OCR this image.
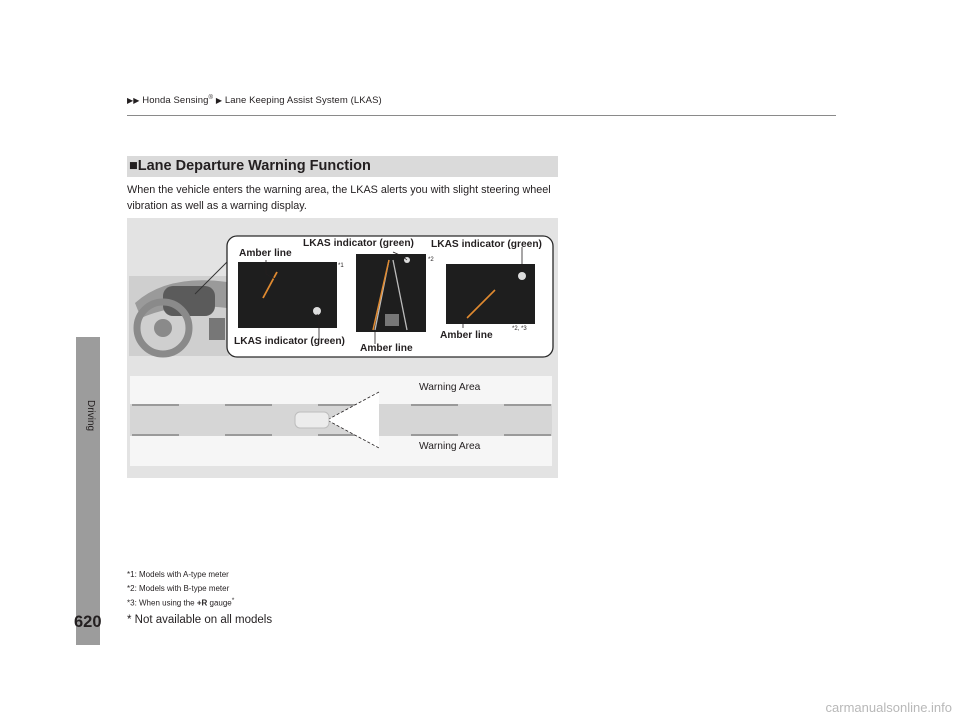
▶▶ Honda Sensing® ▶ Lane Keeping Assist System (LKAS)
Driving
620
■Lane Departure Warning Function
When the vehicle enters the warning area, the LKAS alerts you with slight steering wheel vibration as well as a warning display.
Amber line
LKAS indicator (green) LKAS indicator (green)
LKAS indicator (green)
Amber line
Amber line
*1
*2
*2, *3
Warning Area
Warning Area
*1: Models with A-type meter
*2: Models with B-type meter
*3: When using the +R gauge*
* Not available on all models
carmanualsonline.info
